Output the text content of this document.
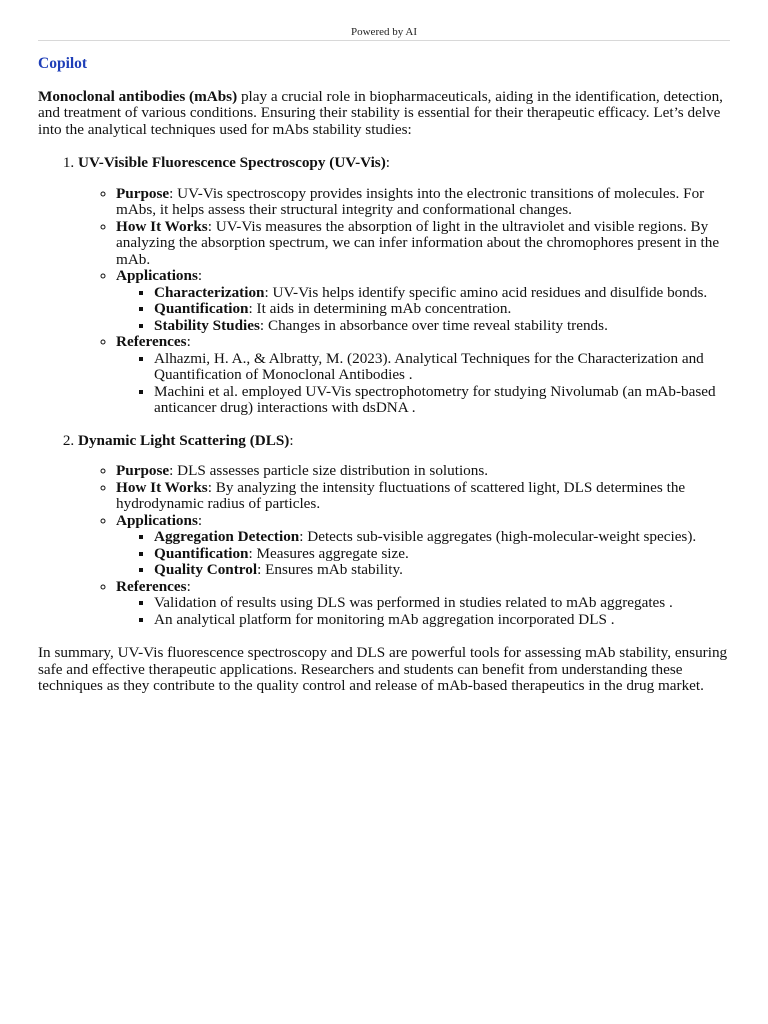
Powered by AI
Copilot

Monoclonal antibodies (mAbs) play a crucial role in biopharmaceuticals, aiding in the identification, detection, and treatment of various conditions. Ensuring their stability is essential for their therapeutic efficacy. Let’s delve into the analytical techniques used for mAbs stability studies:

1. UV-Visible Fluorescence Spectroscopy (UV-Vis):
◦ Purpose: UV-Vis spectroscopy provides insights into the electronic transitions of molecules. For mAbs, it helps assess their structural integrity and conformational changes.
◦ How It Works: UV-Vis measures the absorption of light in the ultraviolet and visible regions. By analyzing the absorption spectrum, we can infer information about the chromophores present in the mAb.
◦ Applications:
▪ Characterization: UV-Vis helps identify specific amino acid residues and disulfide bonds.
▪ Quantification: It aids in determining mAb concentration.
▪ Stability Studies: Changes in absorbance over time reveal stability trends.
◦ References:
▪ Alhazmi, H. A., & Albratty, M. (2023). Analytical Techniques for the Characterization and Quantification of Monoclonal Antibodies .
▪ Machini et al. employed UV-Vis spectrophotometry for studying Nivolumab (an mAb-based anticancer drug) interactions with dsDNA .
2. Dynamic Light Scattering (DLS):
◦ Purpose: DLS assesses particle size distribution in solutions.
◦ How It Works: By analyzing the intensity fluctuations of scattered light, DLS determines the hydrodynamic radius of particles.
◦ Applications:
▪ Aggregation Detection: Detects sub-visible aggregates (high-molecular-weight species).
▪ Quantification: Measures aggregate size.
▪ Quality Control: Ensures mAb stability.
◦ References:
▪ Validation of results using DLS was performed in studies related to mAb aggregates .
▪ An analytical platform for monitoring mAb aggregation incorporated DLS .

In summary, UV-Vis fluorescence spectroscopy and DLS are powerful tools for assessing mAb stability, ensuring safe and effective therapeutic applications. Researchers and students can benefit from understanding these techniques as they contribute to the quality control and release of mAb-based therapeutics in the drug market.
